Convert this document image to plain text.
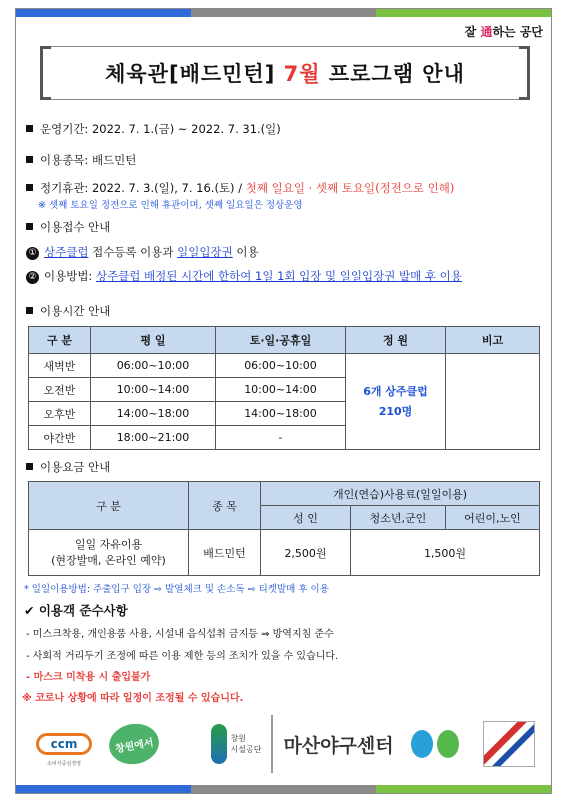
잘 通하는 공단
체육관[배드민턴] 7월 프로그램 안내
운영기간: 2022. 7. 1.(금) ~ 2022. 7. 31.(일)
이용종목: 배드민턴
정기휴관: 2022. 7. 3.(일), 7. 16.(토) / 첫째 일요일 · 셋째 토요일(정전으로 인해)
※ 셋째 토요일 정전으로 인해 휴관이며, 셋째 일요일은 정상운영
이용접수 안내
① 상주클럽 접수등록 이용과 일일입장권 이용
② 이용방법: 상주클럽 배정된 시간에 한하여 1일 1회 입장 및 일일입장권 발매 후 이용
이용시간 안내
구 분	평 일	토·일·공휴일	정 원	비고
새벽반	06:00~10:00	06:00~10:00	6개 상주클럽
210명	
오전반	10:00~14:00	10:00~14:00		
오후반	14:00~18:00	14:00~18:00		
야간반	18:00~21:00	-		
이용요금 안내
구 분	종 목	개인(연습)사용료(일일이용)		
		성 인	청소년,군인	어린이,노인
일일 자유이용
(현장발매, 온라인 예약)	배드민턴	2,500원	1,500원	
* 일일이용방법: 주출입구 입장 ⇨ 발열체크 및 손소독 ⇨ 티켓발매 후 이용
✔ 이용객 준수사항
- 미스크착용, 개인용품 사용, 시설내 음식섭취 금지등 ⇒ 방역지침 준수
- 사회적 거리두기 조정에 따른 이용 제한 등의 조치가 있을 수 있습니다.
- 마스크 미착용 시 출입불가
※ 코로나 상황에 따라 일정이 조정될 수 있습니다.
ccm
소비자중심경영
창원에서	창원
시설공단	마산야구센터
